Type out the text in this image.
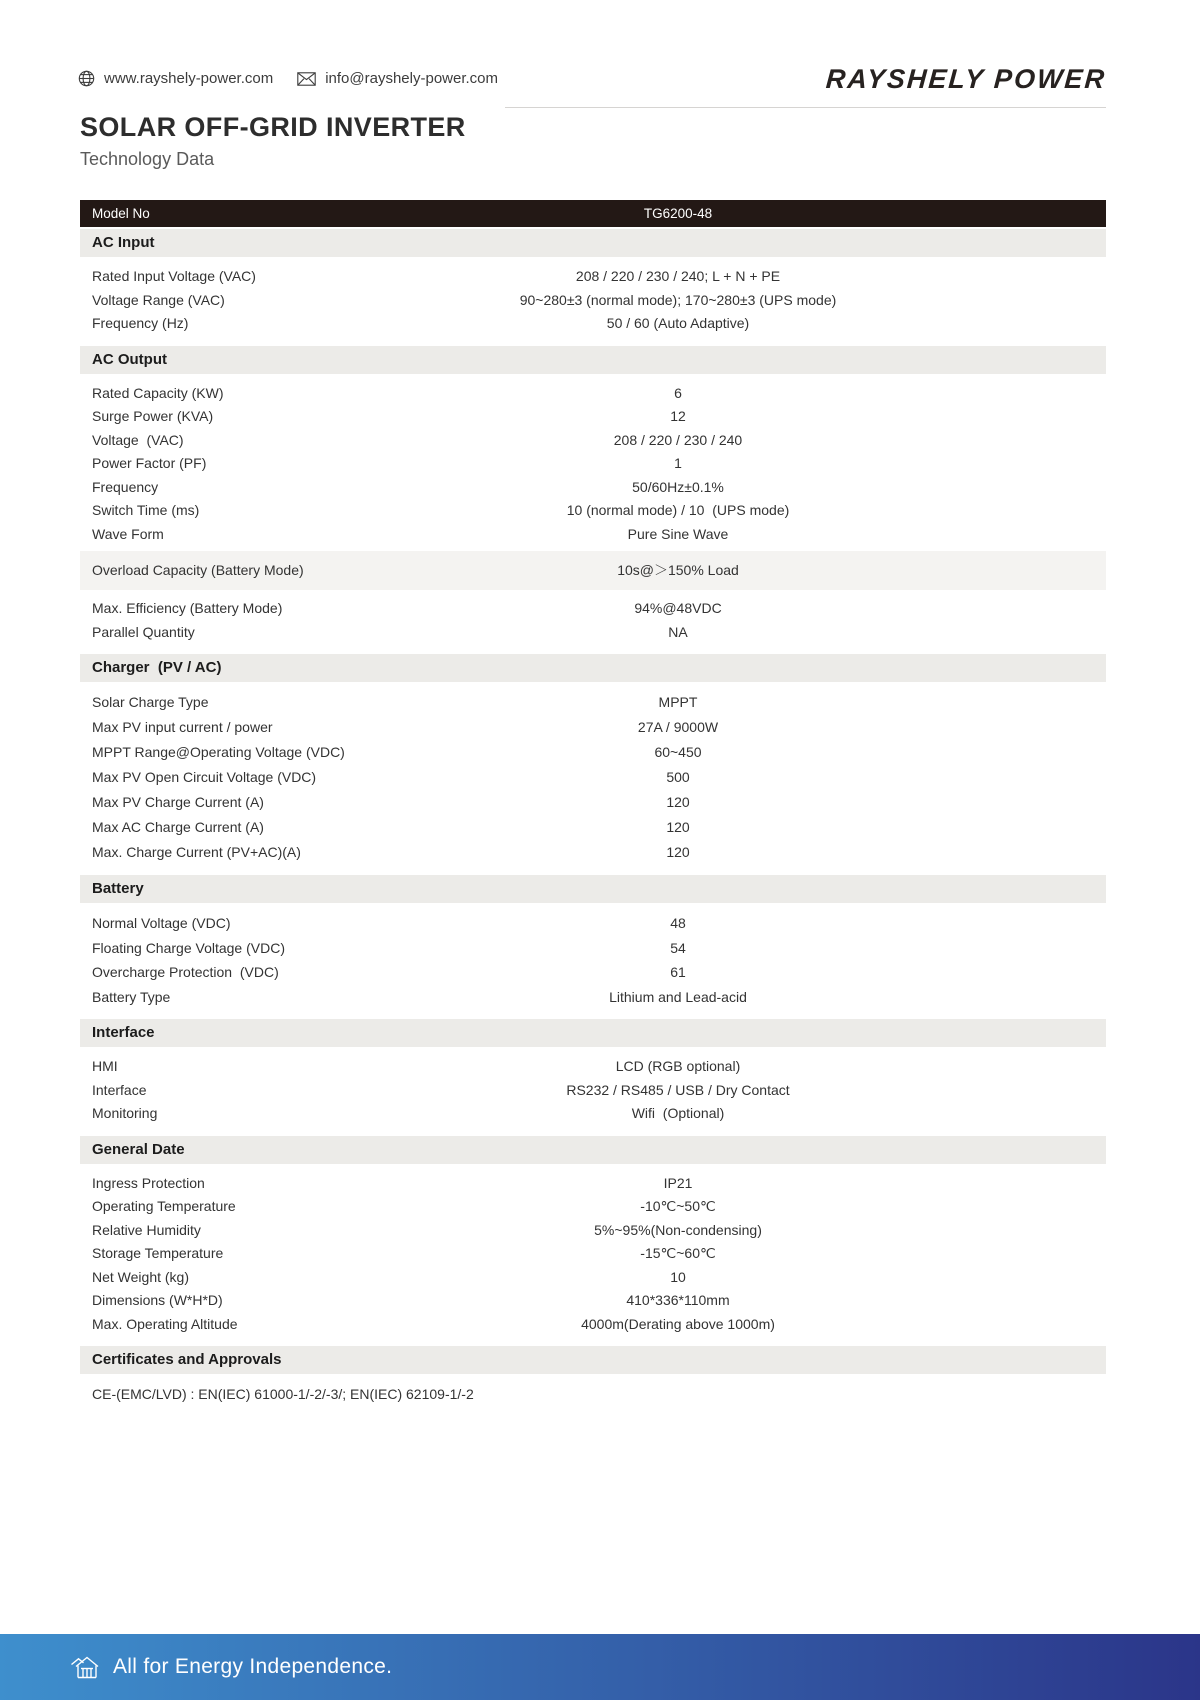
www.rayshely-power.com	info@rayshely-power.com	RAYSHELY POWER
SOLAR OFF-GRID INVERTER
Technology Data
Model No	TG6200-48
AC Input
Rated Input Voltage (VAC)	208 / 220 / 230 / 240; L + N + PE
Voltage Range (VAC)	90~280±3 (normal mode); 170~280±3 (UPS mode)
Frequency (Hz)	50 / 60 (Auto Adaptive)
AC Output
Rated Capacity (KW)	6
Surge Power (KVA)	12
Voltage  (VAC)	208 / 220 / 230 / 240
Power Factor (PF)	1
Frequency	50/60Hz±0.1%
Switch Time (ms)	10 (normal mode) / 10  (UPS mode)
Wave Form	Pure Sine Wave
Overload Capacity (Battery Mode)	10s@＞150% Load
Max. Efficiency (Battery Mode)	94%@48VDC
Parallel Quantity	NA
Charger  (PV / AC)
Solar Charge Type	MPPT
Max PV input current / power	27A / 9000W
MPPT Range@Operating Voltage (VDC)	60~450
Max PV Open Circuit Voltage (VDC)	500
Max PV Charge Current (A)	120
Max AC Charge Current (A)	120
Max. Charge Current (PV+AC)(A)	120
Battery
Normal Voltage (VDC)	48
Floating Charge Voltage (VDC)	54
Overcharge Protection  (VDC)	61
Battery Type	Lithium and Lead-acid
Interface
HMI	LCD (RGB optional)
Interface	RS232 / RS485 / USB / Dry Contact
Monitoring	Wifi  (Optional)
General Date
Ingress Protection	IP21
Operating Temperature	-10℃~50℃
Relative Humidity	5%~95%(Non-condensing)
Storage Temperature	-15℃~60℃
Net Weight (kg)	10
Dimensions (W*H*D)	410*336*110mm
Max. Operating Altitude	4000m(Derating above 1000m)
Certificates and Approvals
CE-(EMC/LVD) : EN(IEC) 61000-1/-2/-3/; EN(IEC) 62109-1/-2
All for Energy Independence.
